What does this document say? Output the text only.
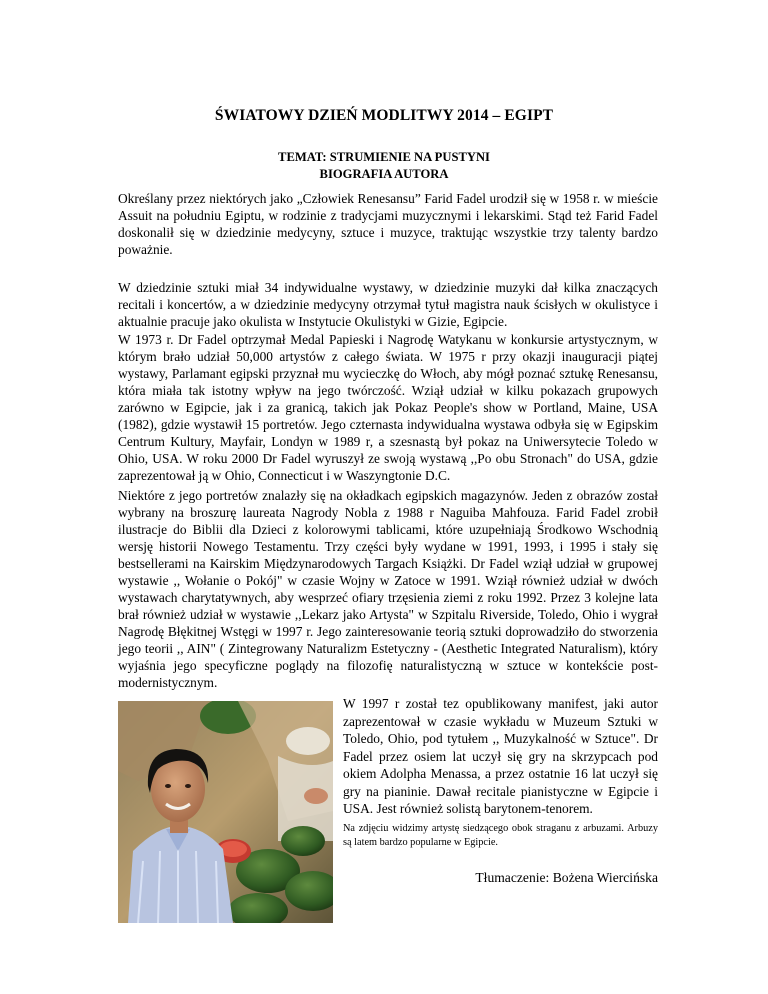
ŚWIATOWY DZIEŃ MODLITWY 2014 – EGIPT
TEMAT: STRUMIENIE NA PUSTYNI
BIOGRAFIA AUTORA

Określany przez niektórych jako „Człowiek Renesansu” Farid Fadel urodził się w 1958 r. w mieście Assuit na południu Egiptu, w rodzinie z tradycjami muzycznymi i lekarskimi. Stąd też Farid Fadel doskonalił się w dziedzinie medycyny, sztuce i muzyce, traktując wszystkie trzy talenty bardzo poważnie.

W dziedzinie sztuki miał 34 indywidualne wystawy, w dziedzinie muzyki dał kilka znaczących recitali i koncertów, a w dziedzinie medycyny otrzymał tytuł magistra nauk ścisłych w okulistyce i aktualnie pracuje jako okulista w Instytucie Okulistyki w Gizie, Egipcie.

W 1973 r. Dr Fadel optrzymał Medal Papieski i Nagrodę Watykanu w konkursie artystycznym, w którym brało udział 50,000 artystów z całego świata. W 1975 r przy okazji inauguracji piątej wystawy, Parlamant egipski przyznał mu wycieczkę do Włoch, aby mógł poznać sztukę Renesansu, która miała tak istotny wpływ na jego twórczość. Wziął udział w kilku pokazach grupowych zarówno w Egipcie, jak i za granicą, takich jak Pokaz People's show w Portland, Maine, USA (1982), gdzie wystawił 15 portretów. Jego czternasta indywidualna wystawa odbyła się w Egipskim Centrum Kultury, Mayfair, Londyn w 1989 r, a szesnastą był pokaz na Uniwersytecie Toledo w Ohio, USA. W roku 2000 Dr Fadel wyruszył ze swoją wystawą ,,Po obu Stronach" do USA, gdzie zaprezentował ją w Ohio, Connecticut i w Waszyngtonie D.C.

Niektóre z jego portretów znalazły się na okładkach egipskich magazynów. Jeden z obrazów został wybrany na broszurę laureata Nagrody Nobla z 1988 r Naguiba Mahfouza. Farid Fadel zrobił ilustracje do Biblii dla Dzieci z kolorowymi tablicami, które uzupełniają Środkowo Wschodnią wersję historii Nowego Testamentu. Trzy części były wydane w 1991, 1993, i 1995 i stały się bestsellerami na Kairskim Międzynarodowych Targach Książki. Dr Fadel wziął udział w grupowej wystawie ,, Wołanie o Pokój" w czasie Wojny w Zatoce w 1991. Wziął również udział w dwóch wystawach charytatywnych, aby wesprzeć ofiary trzęsienia ziemi z roku 1992. Przez 3 kolejne lata brał również udział w wystawie ,,Lekarz jako Artysta" w Szpitalu Riverside, Toledo, Ohio i wygrał Nagrodę Błękitnej Wstęgi w 1997 r. Jego zainteresowanie teorią sztuki doprowadziło do stworzenia jego teorii ,, AIN" ( Zintegrowany Naturalizm Estetyczny - (Aesthetic Integrated Naturalism), który wyjaśnia jego specyficzne poglądy na filozofię naturalistyczną w sztuce w kontekście post-modernistycznym.

W 1997 r został tez opublikowany manifest, jaki autor zaprezentował w czasie wykładu w Muzeum Sztuki w Toledo, Ohio, pod tytułem ,, Muzykalność w Sztuce". Dr Fadel przez osiem lat uczył się gry na skrzypcach pod okiem Adolpha Menassa, a przez ostatnie 16 lat uczył się gry na pianinie. Dawał recitale pianistyczne w Egipcie i USA. Jest również solistą barytonem-tenorem.

Na zdjęciu widzimy artystę siedzącego obok straganu z arbuzami. Arbuzy są latem bardzo popularne w Egipcie.

Tłumaczenie: Bożena Wiercińska
